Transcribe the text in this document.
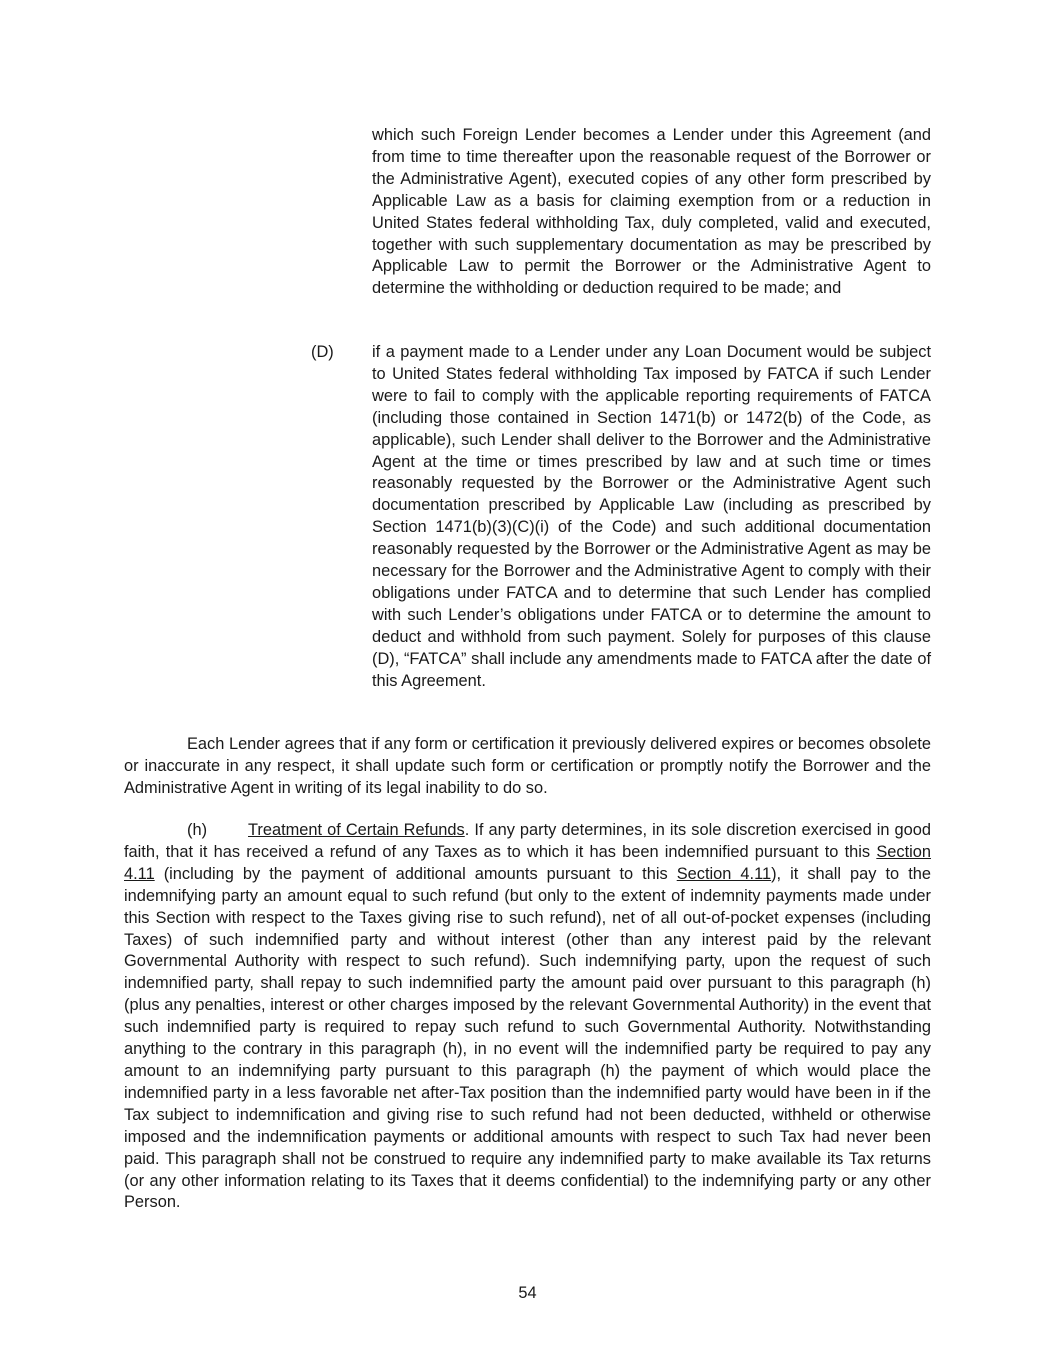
which such Foreign Lender becomes a Lender under this Agreement (and from time to time thereafter upon the reasonable request of the Borrower or the Administrative Agent), executed copies of any other form prescribed by Applicable Law as a basis for claiming exemption from or a reduction in United States federal withholding Tax, duly completed, valid and executed, together with such supplementary documentation as may be prescribed by Applicable Law to permit the Borrower or the Administrative Agent to determine the withholding or deduction required to be made; and

(D) if a payment made to a Lender under any Loan Document would be subject to United States federal withholding Tax imposed by FATCA if such Lender were to fail to comply with the applicable reporting requirements of FATCA (including those contained in Section 1471(b) or 1472(b) of the Code, as applicable), such Lender shall deliver to the Borrower and the Administrative Agent at the time or times prescribed by law and at such time or times reasonably requested by the Borrower or the Administrative Agent such documentation prescribed by Applicable Law (including as prescribed by Section 1471(b)(3)(C)(i) of the Code) and such additional documentation reasonably requested by the Borrower or the Administrative Agent as may be necessary for the Borrower and the Administrative Agent to comply with their obligations under FATCA and to determine that such Lender has complied with such Lender’s obligations under FATCA or to determine the amount to deduct and withhold from such payment. Solely for purposes of this clause (D), “FATCA” shall include any amendments made to FATCA after the date of this Agreement.

Each Lender agrees that if any form or certification it previously delivered expires or becomes obsolete or inaccurate in any respect, it shall update such form or certification or promptly notify the Borrower and the Administrative Agent in writing of its legal inability to do so.

(h) Treatment of Certain Refunds. If any party determines, in its sole discretion exercised in good faith, that it has received a refund of any Taxes as to which it has been indemnified pursuant to this Section 4.11 (including by the payment of additional amounts pursuant to this Section 4.11), it shall pay to the indemnifying party an amount equal to such refund (but only to the extent of indemnity payments made under this Section with respect to the Taxes giving rise to such refund), net of all out-of-pocket expenses (including Taxes) of such indemnified party and without interest (other than any interest paid by the relevant Governmental Authority with respect to such refund). Such indemnifying party, upon the request of such indemnified party, shall repay to such indemnified party the amount paid over pursuant to this paragraph (h) (plus any penalties, interest or other charges imposed by the relevant Governmental Authority) in the event that such indemnified party is required to repay such refund to such Governmental Authority. Notwithstanding anything to the contrary in this paragraph (h), in no event will the indemnified party be required to pay any amount to an indemnifying party pursuant to this paragraph (h) the payment of which would place the indemnified party in a less favorable net after-Tax position than the indemnified party would have been in if the Tax subject to indemnification and giving rise to such refund had not been deducted, withheld or otherwise imposed and the indemnification payments or additional amounts with respect to such Tax had never been paid. This paragraph shall not be construed to require any indemnified party to make available its Tax returns (or any other information relating to its Taxes that it deems confidential) to the indemnifying party or any other Person.

54
